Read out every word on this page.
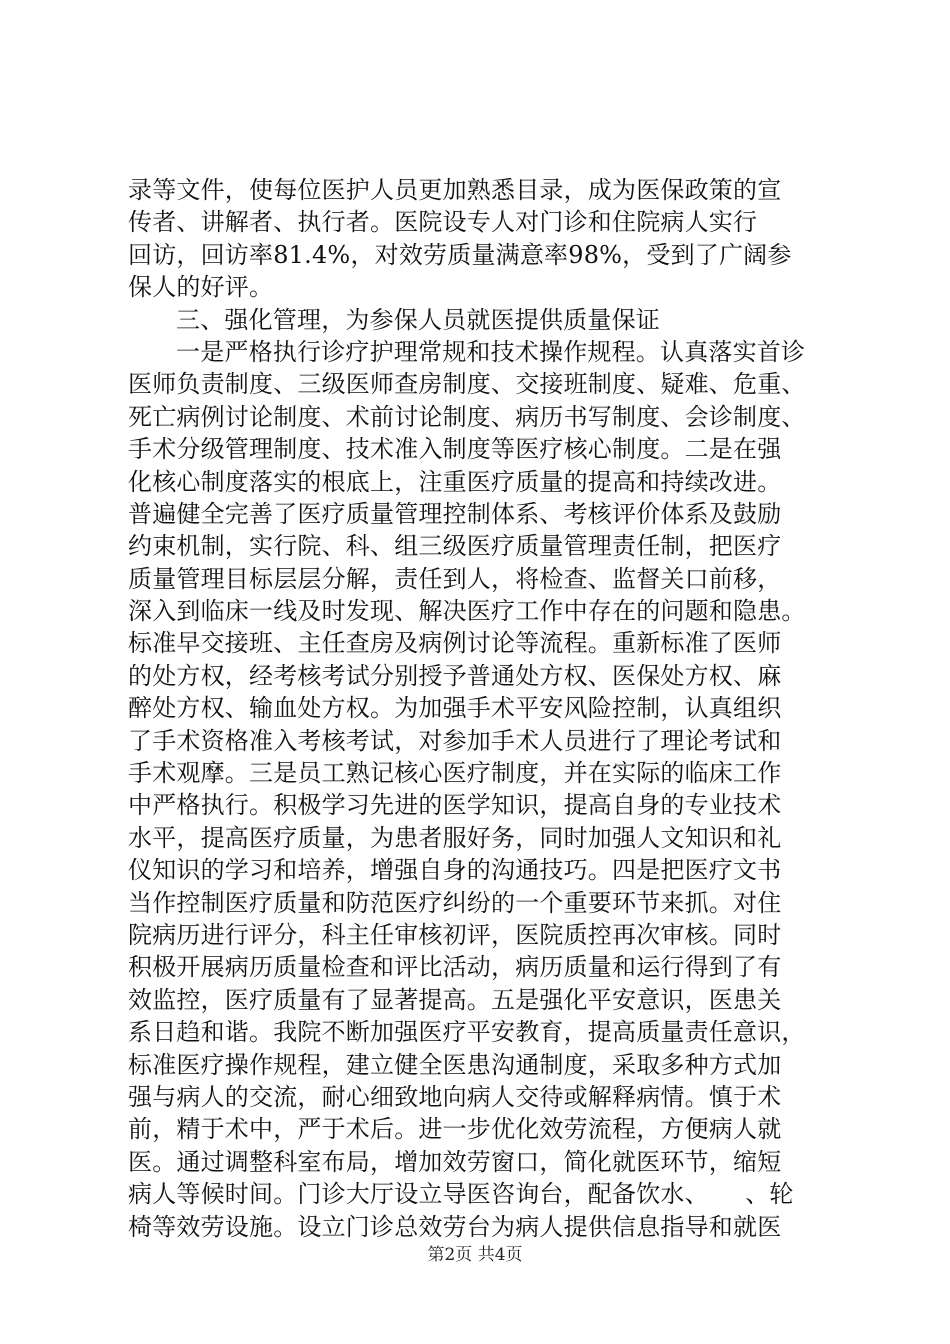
录等文件，使每位医护人员更加熟悉目录，成为医保政策的宣
传者、讲解者、执行者。医院设专人对门诊和住院病人实行
回访，回访率81.4%，对效劳质量满意率98%，受到了广阔参
保人的好评。
三、强化管理，为参保人员就医提供质量保证
一是严格执行诊疗护理常规和技术操作规程。认真落实首诊
医师负责制度、三级医师查房制度、交接班制度、疑难、危重、
死亡病例讨论制度、术前讨论制度、病历书写制度、会诊制度、
手术分级管理制度、技术准入制度等医疗核心制度。二是在强
化核心制度落实的根底上，注重医疗质量的提高和持续改进。
普遍健全完善了医疗质量管理控制体系、考核评价体系及鼓励
约束机制，实行院、科、组三级医疗质量管理责任制，把医疗
质量管理目标层层分解，责任到人，将检查、监督关口前移，
深入到临床一线及时发现、解决医疗工作中存在的问题和隐患。
标准早交接班、主任查房及病例讨论等流程。重新标准了医师
的处方权，经考核考试分别授予普通处方权、医保处方权、麻
醉处方权、输血处方权。为加强手术平安风险控制，认真组织
了手术资格准入考核考试，对参加手术人员进行了理论考试和
手术观摩。三是员工熟记核心医疗制度，并在实际的临床工作
中严格执行。积极学习先进的医学知识，提高自身的专业技术
水平，提高医疗质量，为患者服好务，同时加强人文知识和礼
仪知识的学习和培养，增强自身的沟通技巧。四是把医疗文书
当作控制医疗质量和防范医疗纠纷的一个重要环节来抓。对住
院病历进行评分，科主任审核初评，医院质控再次审核。同时
积极开展病历质量检查和评比活动，病历质量和运行得到了有
效监控，医疗质量有了显著提高。五是强化平安意识，医患关
系日趋和谐。我院不断加强医疗平安教育，提高质量责任意识，
标准医疗操作规程，建立健全医患沟通制度，采取多种方式加
强与病人的交流，耐心细致地向病人交待或解释病情。慎于术
前，精于术中，严于术后。进一步优化效劳流程，方便病人就
医。通过调整科室布局，增加效劳窗口，简化就医环节，缩短
病人等候时间。门诊大厅设立导医咨询台，配备饮水、　　、轮
椅等效劳设施。设立门诊总效劳台为病人提供信息指导和就医
第2页 共4页
